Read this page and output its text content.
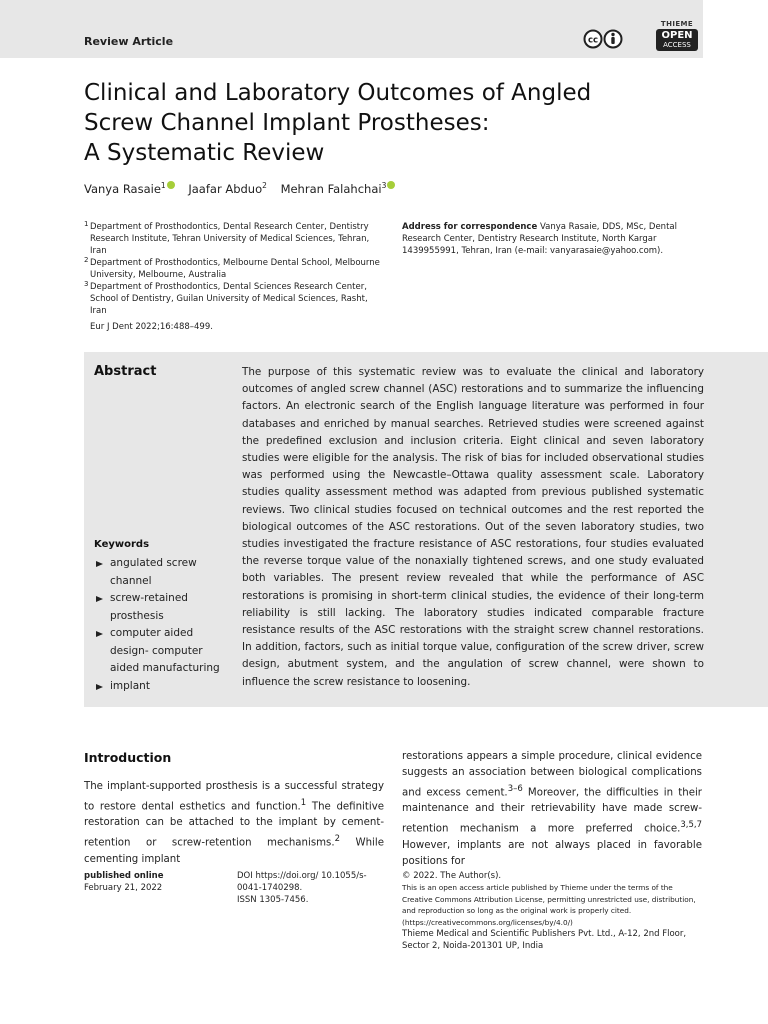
Review Article	cc
THIEME
OPEN
ACCESS
Clinical and Laboratory Outcomes of Angled
Screw Channel Implant Prostheses:
A Systematic Review
Vanya Rasaie$^1$ Jaafar Abduo$^2$ Mehran Falahchai$^3$
1 Department of Prosthodontics, Dental Research Center, Dentistry Research Institute, Tehran University of Medical Sciences, Tehran, Iran
2 Department of Prosthodontics, Melbourne Dental School, Melbourne University, Melbourne, Australia
3 Department of Prosthodontics, Dental Sciences Research Center, School of Dentistry, Guilan University of Medical Sciences, Rasht, Iran
Address for correspondence Vanya Rasaie, DDS, MSc, Dental Research Center, Dentistry Research Institute, North Kargar 1439955991, Tehran, Iran (e-mail: vanyarasaie@yahoo.com).
Eur J Dent 2022;16:488–499.
Abstract	The purpose of this systematic review was to evaluate the clinical and laboratory outcomes of angled screw channel (ASC) restorations and to summarize the influencing factors. An electronic search of the English language literature was performed in four databases and enriched by manual searches. Retrieved studies were screened against the predefined exclusion and inclusion criteria. Eight clinical and seven laboratory studies were eligible for the analysis. The risk of bias for included observational studies was performed using the Newcastle–Ottawa quality assessment scale. Laboratory studies quality assessment method was adapted from previous published systematic reviews. Two clinical studies focused on technical outcomes and the rest reported the biological outcomes of the ASC restorations. Out of the seven laboratory studies, two studies investigated the fracture resistance of ASC restorations, four studies evaluated the reverse torque value of the nonaxially tightened screws, and one study evaluated both variables. The present review revealed that while the performance of ASC restorations is promising in short-term clinical studies, the evidence of their long-term reliability is still lacking. The laboratory studies indicated comparable fracture resistance results of the ASC restorations with the straight screw channel restorations. In addition, factors, such as initial torque value, configuration of the screw driver, screw design, abutment system, and the angulation of screw channel, were shown to influence the screw resistance to loosening.
Keywords
angulated screw channel
screw-retained prosthesis
computer aided design- computer aided manufacturing
implant
Introduction
The implant-supported prosthesis is a successful strategy to restore dental esthetics and function.$^1$ The definitive restoration can be attached to the implant by cement-retention or screw-retention mechanisms.$^2$ While cementing implant
restorations appears a simple procedure, clinical evidence suggests an association between biological complications and excess cement.$^{3-6}$ Moreover, the difficulties in their maintenance and their retrievability have made screw-retention mechanism a more preferred choice.$^{3,5,7}$ However, implants are not always placed in favorable positions for
published online
February 21, 2022
DOI https://doi.org/ 10.1055/s-0041-1740298.
ISSN 1305-7456.
© 2022. The Author(s).
This is an open access article published by Thieme under the terms of the Creative Commons Attribution License, permitting unrestricted use, distribution, and reproduction so long as the original work is properly cited. (https://creativecommons.org/licenses/by/4.0/)
Thieme Medical and Scientific Publishers Pvt. Ltd., A-12, 2nd Floor, Sector 2, Noida-201301 UP, India
